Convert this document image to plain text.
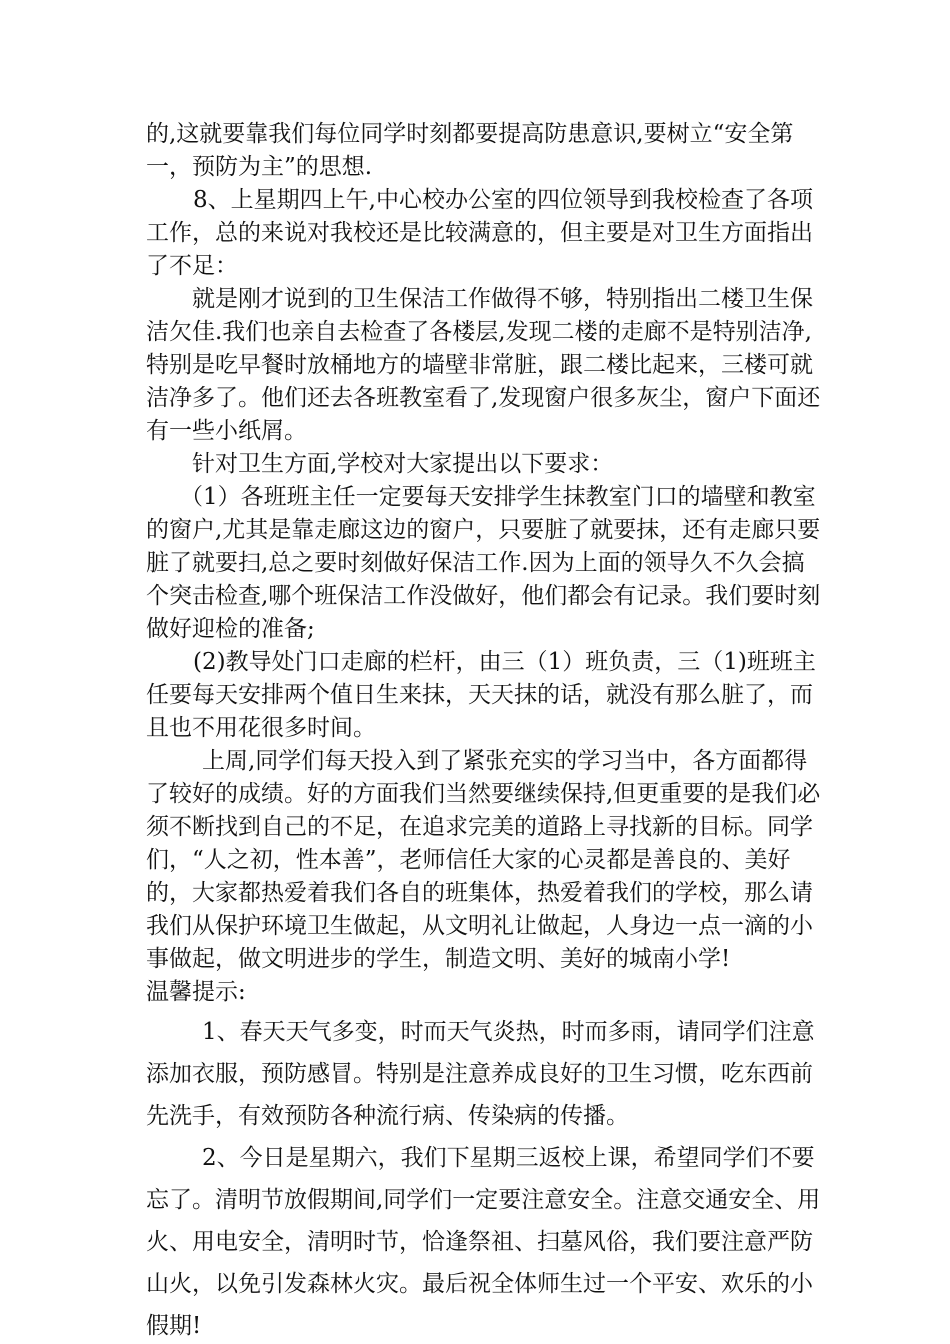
的,这就要靠我们每位同学时刻都要提高防患意识,要树立“安全第
一，预防为主”的思想.
8、上星期四上午,中心校办公室的四位领导到我校检查了各项
工作，总的来说对我校还是比较满意的，但主要是对卫生方面指出
了不足：
就是刚才说到的卫生保洁工作做得不够，特别指出二楼卫生保
洁欠佳.我们也亲自去检查了各楼层,发现二楼的走廊不是特别洁净,
特别是吃早餐时放桶地方的墙壁非常脏，跟二楼比起来，三楼可就
洁净多了。他们还去各班教室看了,发现窗户很多灰尘，窗户下面还
有一些小纸屑。
针对卫生方面,学校对大家提出以下要求：
（1）各班班主任一定要每天安排学生抹教室门口的墙壁和教室
的窗户,尤其是靠走廊这边的窗户，只要脏了就要抹，还有走廊只要
脏了就要扫,总之要时刻做好保洁工作.因为上面的领导久不久会搞
个突击检查,哪个班保洁工作没做好，他们都会有记录。我们要时刻
做好迎检的准备;
(2)教导处门口走廊的栏杆，由三（1）班负责，三（1)班班主
任要每天安排两个值日生来抹，天天抹的话，就没有那么脏了，而
且也不用花很多时间。
上周,同学们每天投入到了紧张充实的学习当中，各方面都得
了较好的成绩。好的方面我们当然要继续保持,但更重要的是我们必
须不断找到自己的不足，在追求完美的道路上寻找新的目标。同学
们，“人之初，性本善”，老师信任大家的心灵都是善良的、美好
的，大家都热爱着我们各自的班集体，热爱着我们的学校，那么请
我们从保护环境卫生做起，从文明礼让做起，人身边一点一滴的小
事做起，做文明进步的学生，制造文明、美好的城南小学!
温馨提示:
1、春天天气多变，时而天气炎热，时而多雨，请同学们注意
添加衣服，预防感冒。特别是注意养成良好的卫生习惯，吃东西前
先洗手，有效预防各种流行病、传染病的传播。
2、今日是星期六，我们下星期三返校上课，希望同学们不要
忘了。清明节放假期间,同学们一定要注意安全。注意交通安全、用
火、用电安全，清明时节，恰逢祭祖、扫墓风俗，我们要注意严防
山火，以免引发森林火灾。最后祝全体师生过一个平安、欢乐的小
假期!
